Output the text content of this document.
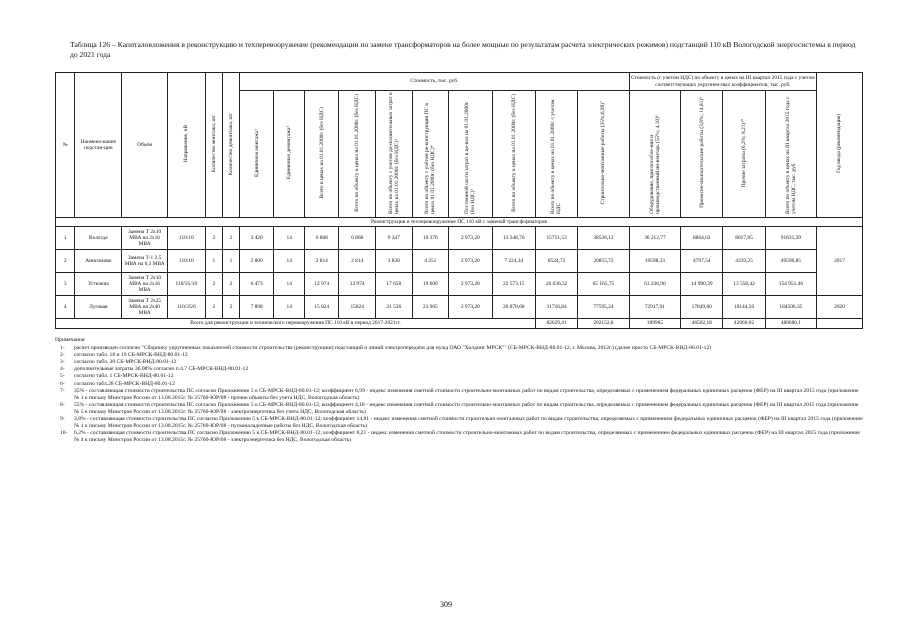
Таблица 126 – Капиталовложения в реконструкцию и техперевооружение (рекомендации по замене трансформаторов на более мощные по результатам расчета электрических режимов) подстанций 110 кВ Вологодской энергосистемы в период до 2021 года
№	Наимено-вание подстан-ции	Объём	Напряжение, кВ	Количество монтажа, шт	Количество демонтажа, шт	Стоимость, тыс. руб.										Стоимость (с учетом НДС) по объекту в ценах на III квартал 2015 года с учетом соответствующих укрупнен-ных коэффициентов, тыс. руб.				Год ввода (рекомендация)
						Единичная монтажа¹	Единичная демонтажа²	Всего в ценах на 01.01.2000г. (без НДС)	Всего по объекту в ценах на 01.01.2000г. (без НДС)	Всего по объекту с учетом до-полнительных затрат в ценах на 01.01.2000г. (без НДС)³	Всего по объекту с учётом ре-конструкции ПС в ценах 01.01.2000г. (без НДС)⁴	Постоянной части затрат в це-нах на 01.01.2000г. (без НДС)⁵	Всего по объекту в ценах на 01.01.2000г. (без НДС)	Всего по объекту в ценах на 01.01.2000г. с учетом НДС	Строительно-монтажные работы (35%;6,99)⁷	Оборудование, приспособле-ния и производственный ин-вентарь (55%; 4,18)⁸	Проектно-изыскательские работы (3,8%; 14,81)⁹	Прочие затраты (6,2%; 8,21)¹⁰	Всего по объекту в ценах на III квартал 2015 года с учетом НДС, тыс. руб.	
Реконструкция и техперевооружение ПС 110 кВ с заменой трансформаторов																				
1	Вологда	Замена Т 2х10 МВА на 2х16 МВА	110/10	2	2	3 420	14	6 868	6 868	9 347	10 376	2 973,20	13 348,76	15751,53	38536,12	36 212,77	8864,63	8017,85	91631,39	2017
2	Анисимово	Замена Т-1 2,5 МВА на 6,3 МВА	110/10	1	1	2 800	14	2 814	2 814	3 830	4 251	2 973,20	7 224,34	8524,72	20855,72	19598,33	4797,54	4339,25	49590,85	
3	Устюжна	Замена Т 2х10 МВА на 2х16 МВА	110/35/10	2	2	6 473	14	12 974	12 974	17 658	19 600	2 973,20	22 573,15	26 636,32	65 165,75	61 236,90	14 990,39	13 558,42	154 951,46	
4	Луговая	Замена Т 2х25 МВА на 2х40 МВА	110/35/6	2	2	7 898	14	15 824	15824	21 536	23 905	2 973,20	26 878,68	31716,84	77595,24	72917,01	17849,60	16144,50	184506,35	2020
Всего для реконструкции и технического перевооружения ПС 110 кВ в период 2017-2021гг.														82629,41	202152,8	189965	46502,18	42060,02	480680,1	
Примечания
1-	расчет произведен согласно "Сборнику укрупненных показателей стоимости строительства (реконструкции) подстанций и линий электропередачи для нужд ОАО "Холдинг МРСК"" (СБ-МРСК-ВНД-80.01-12, г. Москва, 2012г.) (далее просто СБ-МРСК-ВНД-80.01-12)
2-	согласно табл. 18 и 19 СБ-МРСК-ВНД-80.01-12
3-	согласно табл. 30 СБ-МРСК-ВНД-80.01-12
4-	дополнительные затраты 36,08% согласно п.4.7 СБ-МРСК-ВНД-80.01-12
5-	согласно табл. 1 СБ-МРСК-ВНД-80.01-12
6-	согласно табл.28 СБ-МРСК-ВНД-80.01-12
7-	35% - составляющая стоимости строительства ПС согласно Приложению 5 к СБ-МРСК-ВНД-80.01-12; коэффициент 6,99 - индекс изменения сметной стоимости строительно-монтажных работ по видам строительства, определяемых с применением федеральных единичных расценок (ФЕР) на III квартал 2015 года (приложение № 1 к письму Минстроя России от 13.08.2015г. № 25760-ЮР/08 - прочие объекты без учета НДС, Вологодская область)
8-	55% - составляющая стоимости строительства ПС согласно Приложению 5 к СБ-МРСК-ВНД-80.01-12, коэффициент 4,18 - индекс изменения сметной стоимости строительно-монтажных работ по видам строительства, определяемых с применением федеральных единичных расценок (ФЕР) на III квартал 2015 года (приложение № 5 к письму Минстроя России от 13.08.2015г. № 25760-ЮР/08 - электроэнергетика без учета НДС, Вологодская область)
9-	3,8% - составляющая стоимости строительства ПС согласно Приложению 5 к СБ-МРСК-ВНД-80.01-12; коэффициент 14,81 - индекс изменения сметной стоимости строительно-монтажных работ по видам строительства, определяемых с применением федеральных единичных расценок (ФЕР) на III квартал 2015 года (приложение № 1 к письму Минстроя России от 13.08.2015г. № 25760-ЮР/08 - пусконаладочные работы без НДС, Вологодская область)
10-	6,2% - составляющая стоимости строительства ПС согласно Приложению 5 к СБ-МРСК-ВНД-80.01-12; коэффициент 8,21 - индекс изменения сметной стоимости строительно-монтажных работ по видам строительства, определяемых с применением федеральных единичных расценок (ФЕР) на III квартал 2015 года (приложение № 4 к письму Минстроя России от 13.08.2015г. № 25760-ЮР/08 - электроэнергетика без НДС, Вологодская область)
309
